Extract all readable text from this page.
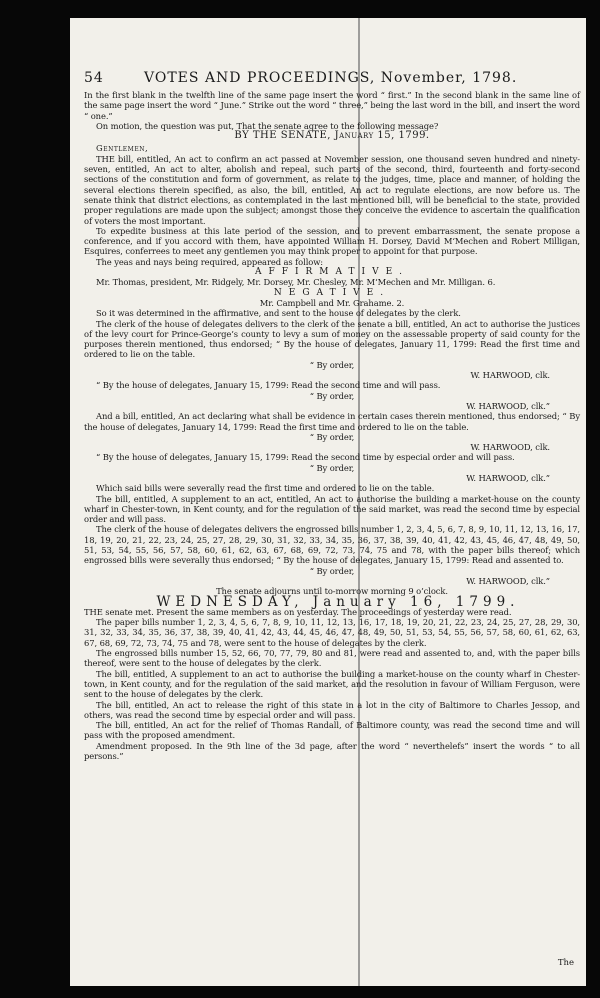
54	VOTES AND PROCEEDINGS, November, 1798.

In the first blank in the twelfth line of the same page insert the word “ first.” In the second blank in the same line of the same page insert the word “ June.” Strike out the word “ three,” being the last word in the bill, and insert the word “ one.”

On motion, the question was put, That the senate agree to the following message?

BY THE SENATE, January 15, 1799.

Gentlemen,

THE bill, entitled, An act to confirm an act passed at November session, one thousand seven hundred and ninety-seven, entitled, An act to alter, abolish and repeal, such parts of the second, third, fourteenth and forty-second sections of the constitution and form of government, as relate to the judges, time, place and manner, of holding the several elections therein specified, as also, the bill, entitled, An act to regulate elections, are now before us. The senate think that district elections, as contemplated in the last mentioned bill, will be beneficial to the state, provided proper regulations are made upon the subject; amongst those they conceive the evidence to ascertain the qualification of voters the most important.

To expedite business at this late period of the session, and to prevent embarrassment, the senate propose a conference, and if you accord with them, have appointed William H. Dorsey, David M‘Mechen and Robert Milligan, Esquires, conferrees to meet any gentlemen you may think proper to appoint for that purpose.

The yeas and nays being required, appeared as follow:

AFFIRMATIVE.

Mr. Thomas, president, Mr. Ridgely, Mr. Dorsey, Mr. Chesley, Mr. M‘Mechen and Mr. Milligan. 6.

NEGATIVE.

Mr. Campbell and Mr. Grahame. 2.

So it was determined in the affirmative, and sent to the house of delegates by the clerk.

The clerk of the house of delegates delivers to the clerk of the senate a bill, entitled, An act to authorise the justices of the levy court for Prince-George’s county to levy a sum of money on the assessable property of said county for the purposes therein mentioned, thus endorsed; “ By the house of delegates, January 11, 1799: Read the first time and ordered to lie on the table.

“ By order,

W. HARWOOD, clk.

“ By the house of delegates, January 15, 1799: Read the second time and will pass.

“ By order,

W. HARWOOD, clk.”

And a bill, entitled, An act declaring what shall be evidence in certain cases therein mentioned, thus endorsed; “ By the house of delegates, January 14, 1799: Read the first time and ordered to lie on the table.

“ By order,

W. HARWOOD, clk.

“ By the house of delegates, January 15, 1799: Read the second time by especial order and will pass.

“ By order,

W. HARWOOD, clk.”

Which said bills were severally read the first time and ordered to lie on the table.

The bill, entitled, A supplement to an act, entitled, An act to authorise the building a market-house on the county wharf in Chester-town, in Kent county, and for the regulation of the said market, was read the second time by especial order and will pass.

The clerk of the house of delegates delivers the engrossed bills number 1, 2, 3, 4, 5, 6, 7, 8, 9, 10, 11, 12, 13, 16, 17, 18, 19, 20, 21, 22, 23, 24, 25, 27, 28, 29, 30, 31, 32, 33, 34, 35, 36, 37, 38, 39, 40, 41, 42, 43, 45, 46, 47, 48, 49, 50, 51, 53, 54, 55, 56, 57, 58, 60, 61, 62, 63, 67, 68, 69, 72, 73, 74, 75 and 78, with the paper bills thereof; which engrossed bills were severally thus endorsed; “ By the house of delegates, January 15, 1799: Read and assented to.

“ By order,

W. HARWOOD, clk.”

The senate adjourns until to-morrow morning 9 o’clock.

WEDNESDAY, January 16, 1799.

THE senate met. Present the same members as on yesterday. The proceedings of yesterday were read.

The paper bills number 1, 2, 3, 4, 5, 6, 7, 8, 9, 10, 11, 12, 13, 16, 17, 18, 19, 20, 21, 22, 23, 24, 25, 27, 28, 29, 30, 31, 32, 33, 34, 35, 36, 37, 38, 39, 40, 41, 42, 43, 44, 45, 46, 47, 48, 49, 50, 51, 53, 54, 55, 56, 57, 58, 60, 61, 62, 63, 67, 68, 69, 72, 73, 74, 75 and 78, were sent to the house of delegates by the clerk.

The engrossed bills number 15, 52, 66, 70, 77, 79, 80 and 81, were read and assented to, and, with the paper bills thereof, were sent to the house of delegates by the clerk.

The bill, entitled, A supplement to an act to authorise the building a market-house on the county wharf in Chester-town, in Kent county, and for the regulation of the said market, and the resolution in favour of William Ferguson, were sent to the house of delegates by the clerk.

The bill, entitled, An act to release the right of this state in a lot in the city of Baltimore to Charles Jessop, and others, was read the second time by especial order and will pass.

The bill, entitled, An act for the relief of Thomas Randall, of Baltimore county, was read the second time and will pass with the proposed amendment.

Amendment proposed. In the 9th line of the 3d page, after the word “ neverthelefs” insert the words “ to all persons.”

The
